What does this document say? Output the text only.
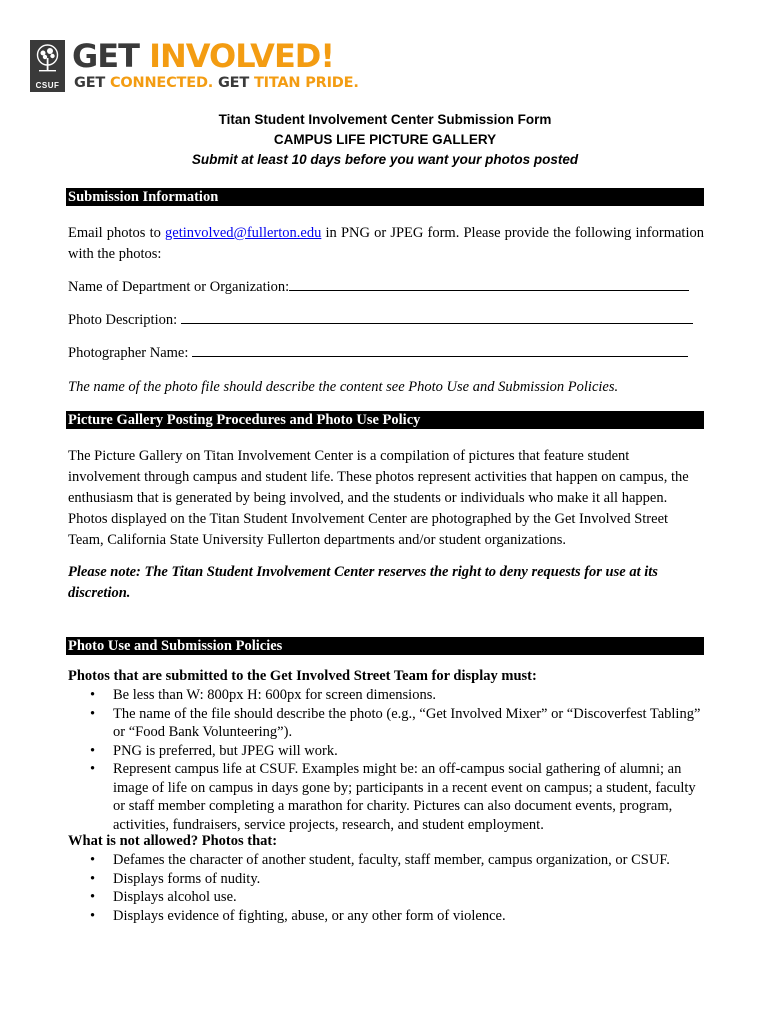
CSUF
GET INVOLVED!
GET CONNECTED. GET TITAN PRIDE.
Titan Student Involvement Center Submission Form
CAMPUS LIFE PICTURE GALLERY
Submit at least 10 days before you want your photos posted
Submission Information
Email photos to getinvolved@fullerton.edu in PNG or JPEG form. Please provide the following information with the photos:
Name of Department or Organization:
Photo Description:
Photographer Name:
The name of the photo file should describe the content see Photo Use and Submission Policies.
Picture Gallery Posting Procedures and Photo Use Policy
The Picture Gallery on Titan Involvement Center is a compilation of pictures that feature student involvement through campus and student life. These photos represent activities that happen on campus, the enthusiasm that is generated by being involved, and the students or individuals who make it all happen. Photos displayed on the Titan Student Involvement Center are photographed by the Get Involved Street Team, California State University Fullerton departments and/or student organizations.
Please note: The Titan Student Involvement Center reserves the right to deny requests for use at its discretion.
Photo Use and Submission Policies
Photos that are submitted to the Get Involved Street Team for display must:
• Be less than W: 800px H: 600px for screen dimensions.
• The name of the file should describe the photo (e.g., “Get Involved Mixer” or “Discoverfest Tabling” or “Food Bank Volunteering”).
• PNG is preferred, but JPEG will work.
• Represent campus life at CSUF. Examples might be: an off-campus social gathering of alumni; an image of life on campus in days gone by; participants in a recent event on campus; a student, faculty or staff member completing a marathon for charity. Pictures can also document events, program, activities, fundraisers, service projects, research, and student employment.
What is not allowed? Photos that:
• Defames the character of another student, faculty, staff member, campus organization, or CSUF.
• Displays forms of nudity.
• Displays alcohol use.
• Displays evidence of fighting, abuse, or any other form of violence.
